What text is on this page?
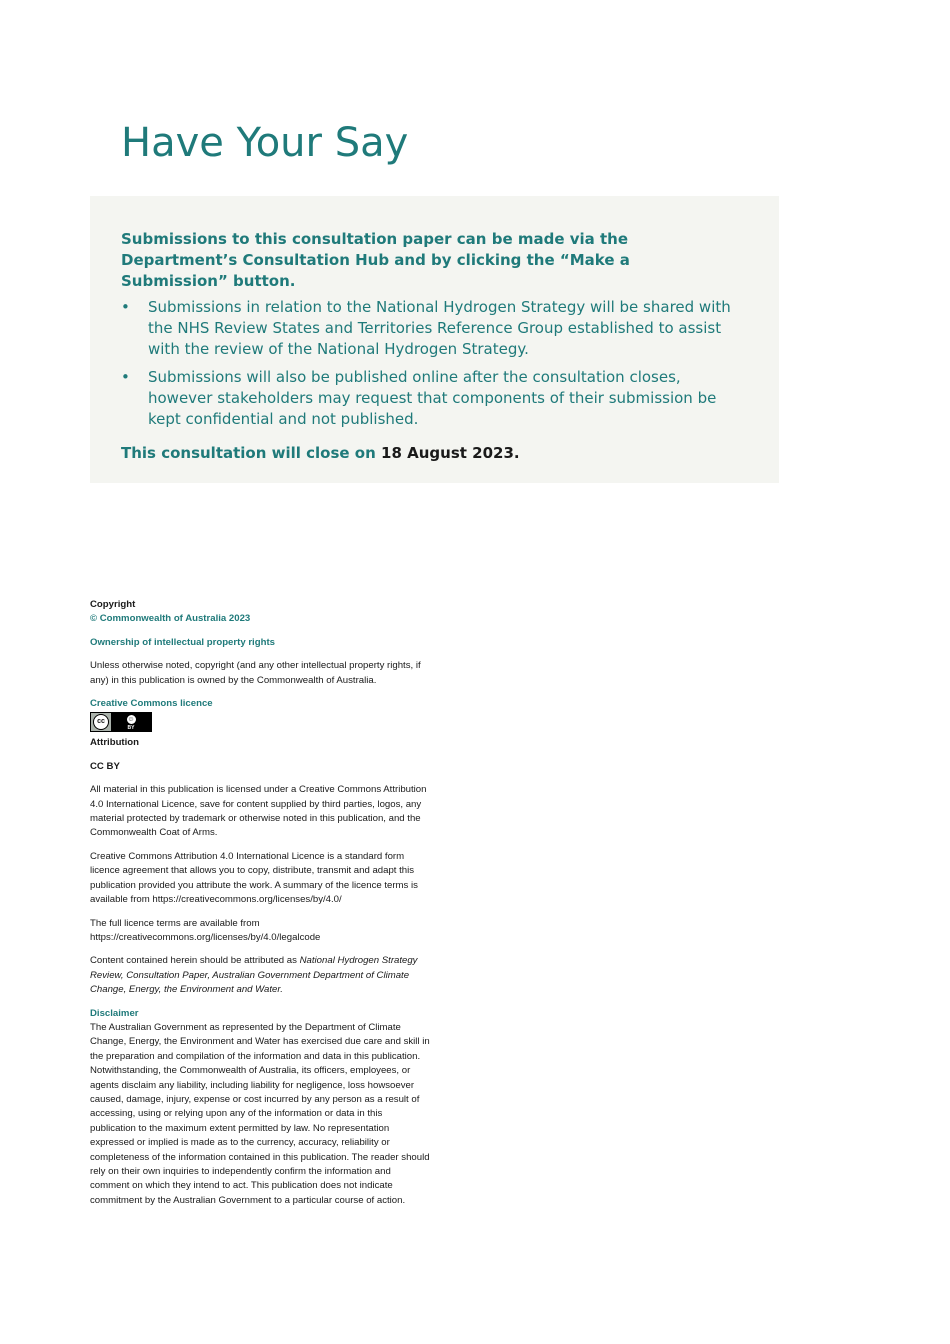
Have Your Say

Submissions to this consultation paper can be made via the Department’s Consultation Hub and by clicking the “Make a Submission” button.

• Submissions in relation to the National Hydrogen Strategy will be shared with the NHS Review States and Territories Reference Group established to assist with the review of the National Hydrogen Strategy.
• Submissions will also be published online after the consultation closes, however stakeholders may request that components of their submission be kept confidential and not published.

This consultation will close on 18 August 2023.

Copyright

© Commonwealth of Australia 2023

Ownership of intellectual property rights

Unless otherwise noted, copyright (and any other intellectual property rights, if any) in this publication is owned by the Commonwealth of Australia.

Creative Commons licence

cc	☺
BY

Attribution

CC BY

All material in this publication is licensed under a Creative Commons Attribution 4.0 International Licence, save for content supplied by third parties, logos, any material protected by trademark or otherwise noted in this publication, and the Commonwealth Coat of Arms.

Creative Commons Attribution 4.0 International Licence is a standard form licence agreement that allows you to copy, distribute, transmit and adapt this publication provided you attribute the work. A summary of the licence terms is available from https://creativecommons.org/licenses/by/4.0/

The full licence terms are available from https://creativecommons.org/licenses/by/4.0/legalcode

Content contained herein should be attributed as National Hydrogen Strategy Review, Consultation Paper, Australian Government Department of Climate Change, Energy, the Environment and Water.

Disclaimer

The Australian Government as represented by the Department of Climate Change, Energy, the Environment and Water has exercised due care and skill in the preparation and compilation of the information and data in this publication. Notwithstanding, the Commonwealth of Australia, its officers, employees, or agents disclaim any liability, including liability for negligence, loss howsoever caused, damage, injury, expense or cost incurred by any person as a result of accessing, using or relying upon any of the information or data in this publication to the maximum extent permitted by law. No representation expressed or implied is made as to the currency, accuracy, reliability or completeness of the information contained in this publication. The reader should rely on their own inquiries to independently confirm the information and comment on which they intend to act. This publication does not indicate commitment by the Australian Government to a particular course of action.
